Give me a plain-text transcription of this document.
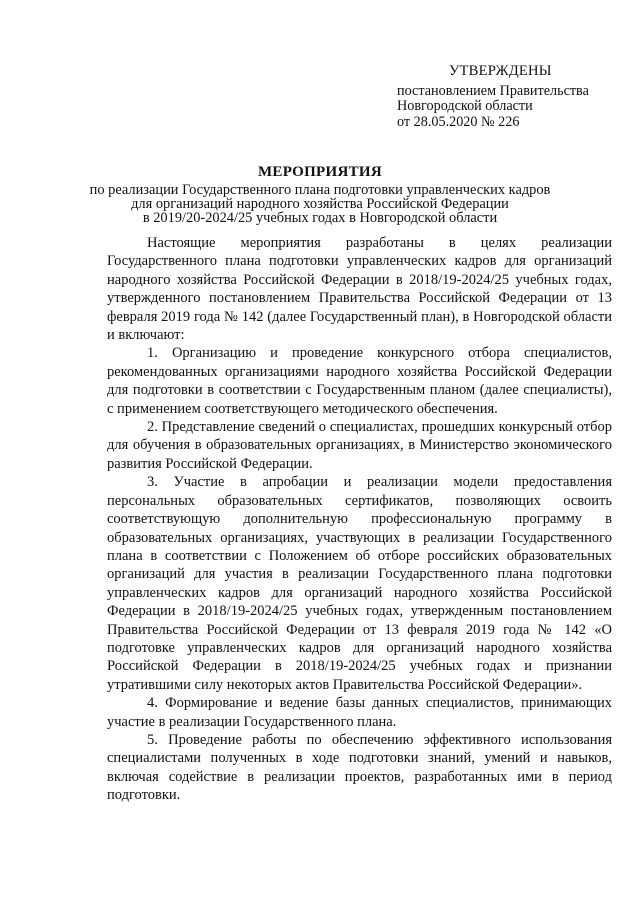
УТВЕРЖДЕНЫ
постановлением Правительства
Новгородской области
от 28.05.2020 № 226
МЕРОПРИЯТИЯ
по реализации Государственного плана подготовки управленческих кадров
для организаций народного хозяйства Российской Федерации
в 2019/20-2024/25 учебных годах в Новгородской области

Настоящие мероприятия разработаны в целях реализации Государственного плана подготовки управленческих кадров для организаций народного хозяйства Российской Федерации в 2018/19-2024/25 учебных годах, утвержденного постановлением Правительства Российской Федерации от 13 февраля 2019 года № 142 (далее Государственный план), в Новгородской области и включают:

1. Организацию и проведение конкурсного отбора специалистов, рекомендованных организациями народного хозяйства Российской Федерации для подготовки в соответствии с Государственным планом (далее специалисты), с применением соответствующего методического обеспечения.

2. Представление сведений о специалистах, прошедших конкурсный отбор для обучения в образовательных организациях, в Министерство экономического развития Российской Федерации.

3. Участие в апробации и реализации модели предоставления персональных образовательных сертификатов, позволяющих освоить соответствующую дополнительную профессиональную программу в образовательных организациях, участвующих в реализации Государственного плана в соответствии с Положением об отборе российских образовательных организаций для участия в реализации Государственного плана подготовки управленческих кадров для организаций народного хозяйства Российской Федерации в 2018/19-2024/25 учебных годах, утвержденным постановлением Правительства Российской Федерации от 13 февраля 2019 года № 142 «О подготовке управленческих кадров для организаций народного хозяйства Российской Федерации в 2018/19-2024/25 учебных годах и признании утратившими силу некоторых актов Правительства Российской Федерации».

4. Формирование и ведение базы данных специалистов, принимающих участие в реализации Государственного плана.

5. Проведение работы по обеспечению эффективного использования специалистами полученных в ходе подготовки знаний, умений и навыков, включая содействие в реализации проектов, разработанных ими в период подготовки.
